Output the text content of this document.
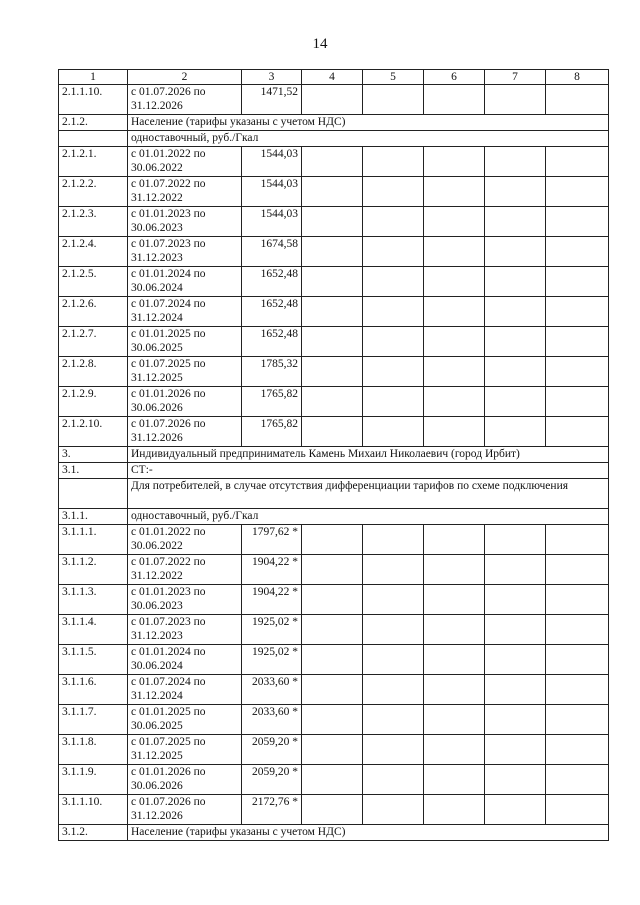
14
1	2	3	4	5	6	7	8
2.1.1.10.	с 01.07.2026 по
31.12.2026	1471,52					
2.1.2.	Население (тарифы указаны с учетом НДС)						
	одноставочный, руб./Гкал						
2.1.2.1.	с 01.01.2022 по
30.06.2022	1544,03					
2.1.2.2.	с 01.07.2022 по
31.12.2022	1544,03					
2.1.2.3.	с 01.01.2023 по
30.06.2023	1544,03					
2.1.2.4.	с 01.07.2023 по
31.12.2023	1674,58					
2.1.2.5.	с 01.01.2024 по
30.06.2024	1652,48					
2.1.2.6.	с 01.07.2024 по
31.12.2024	1652,48					
2.1.2.7.	с 01.01.2025 по
30.06.2025	1652,48					
2.1.2.8.	с 01.07.2025 по
31.12.2025	1785,32					
2.1.2.9.	с 01.01.2026 по
30.06.2026	1765,82					
2.1.2.10.	с 01.07.2026 по
31.12.2026	1765,82					
3.	Индивидуальный предприниматель Камень Михаил Николаевич (город Ирбит)						
3.1.	СТ:-						
	Для потребителей, в случае отсутствия дифференциации тарифов по схеме подключения						
3.1.1.	одноставочный, руб./Гкал						
3.1.1.1.	с 01.01.2022 по
30.06.2022	1797,62 *					
3.1.1.2.	с 01.07.2022 по
31.12.2022	1904,22 *					
3.1.1.3.	с 01.01.2023 по
30.06.2023	1904,22 *					
3.1.1.4.	с 01.07.2023 по
31.12.2023	1925,02 *					
3.1.1.5.	с 01.01.2024 по
30.06.2024	1925,02 *					
3.1.1.6.	с 01.07.2024 по
31.12.2024	2033,60 *					
3.1.1.7.	с 01.01.2025 по
30.06.2025	2033,60 *					
3.1.1.8.	с 01.07.2025 по
31.12.2025	2059,20 *					
3.1.1.9.	с 01.01.2026 по
30.06.2026	2059,20 *					
3.1.1.10.	с 01.07.2026 по
31.12.2026	2172,76 *					
3.1.2.	Население (тарифы указаны с учетом НДС)						
